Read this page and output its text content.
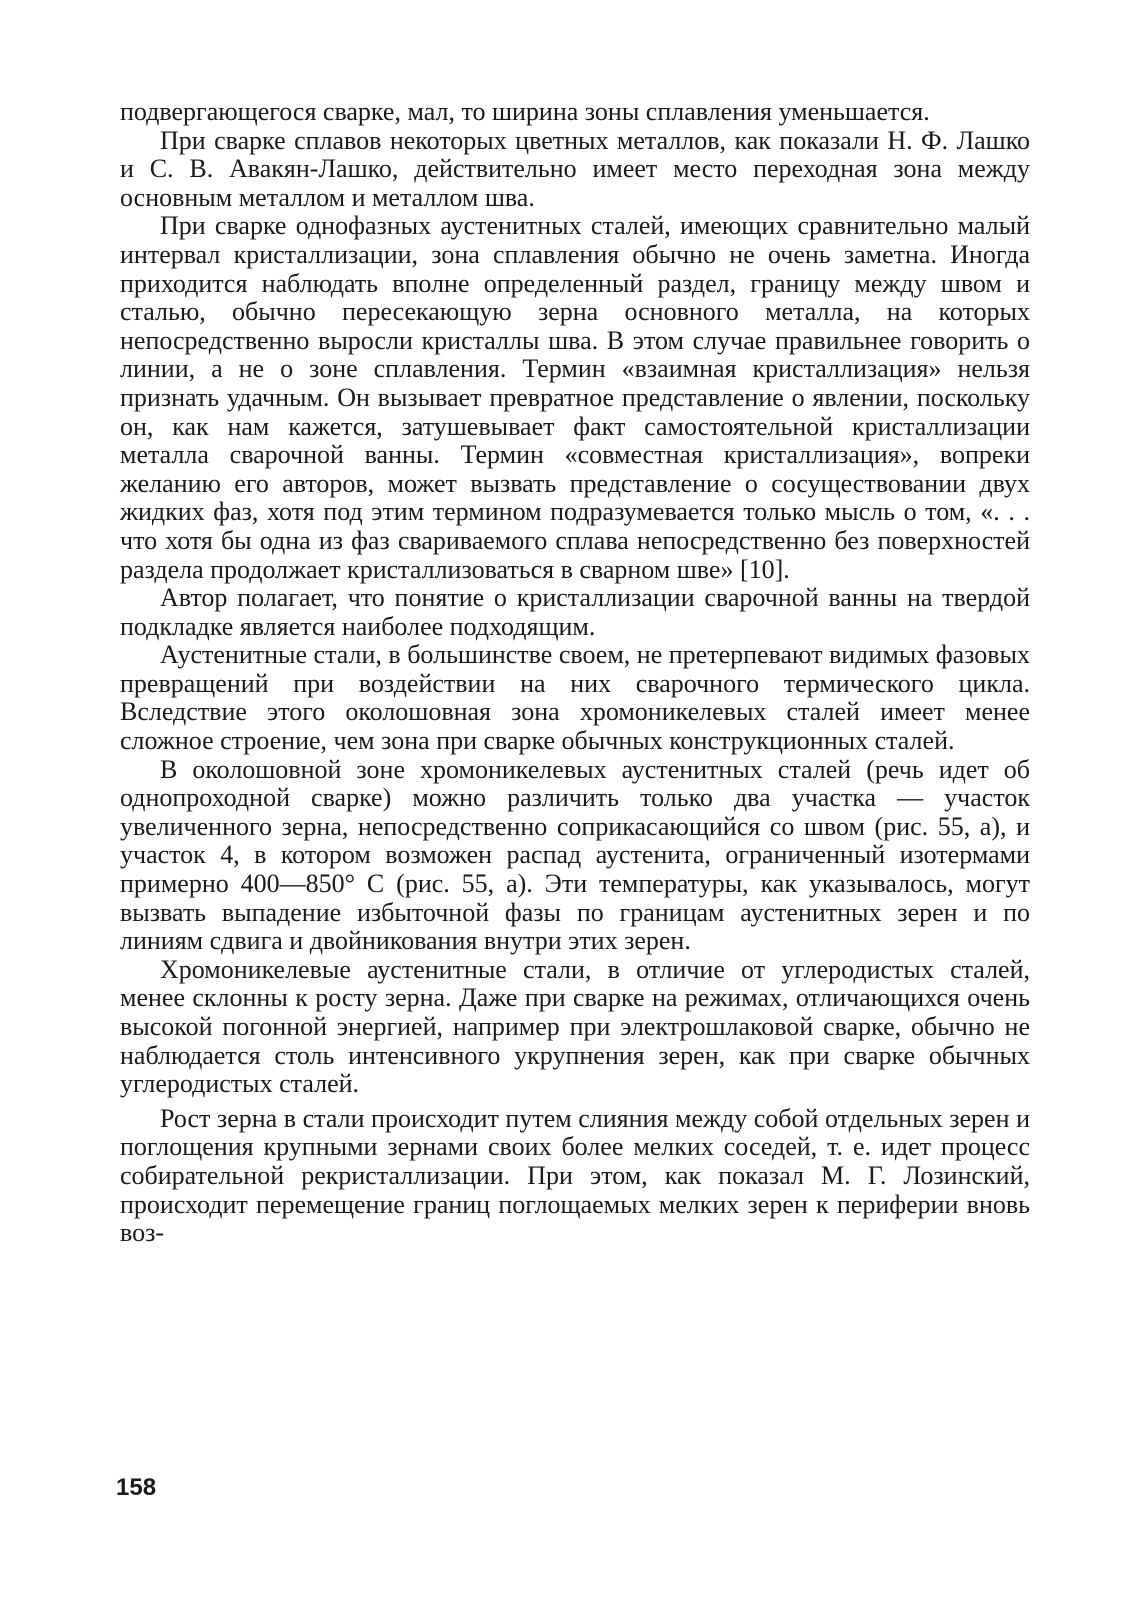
подвергающегося сварке, мал, то ширина зоны сплавления уменьшается.

При сварке сплавов некоторых цветных металлов, как показали Н. Ф. Лашко и С. В. Авакян-Лашко, действительно имеет место переходная зона между основным металлом и металлом шва.

При сварке однофазных аустенитных сталей, имеющих сравнительно малый интервал кристаллизации, зона сплавления обычно не очень заметна. Иногда приходится наблюдать вполне определенный раздел, границу между швом и сталью, обычно пересекающую зерна основного металла, на которых непосредственно выросли кристаллы шва. В этом случае правильнее говорить о линии, а не о зоне сплавления. Термин «взаимная кристаллизация» нельзя признать удачным. Он вызывает превратное представление о явлении, поскольку он, как нам кажется, затушевывает факт самостоятельной кристаллизации металла сварочной ванны. Термин «совместная кристаллизация», вопреки желанию его авторов, может вызвать представление о сосуществовании двух жидких фаз, хотя под этим термином подразумевается только мысль о том, «. . . что хотя бы одна из фаз свариваемого сплава непосредственно без поверхностей раздела продолжает кристаллизоваться в сварном шве» [10].

Автор полагает, что понятие о кристаллизации сварочной ванны на твердой подкладке является наиболее подходящим.

Аустенитные стали, в большинстве своем, не претерпевают видимых фазовых превращений при воздействии на них сварочного термического цикла. Вследствие этого околошовная зона хромоникелевых сталей имеет менее сложное строение, чем зона при сварке обычных конструкционных сталей.

В околошовной зоне хромоникелевых аустенитных сталей (речь идет об однопроходной сварке) можно различить только два участка — участок увеличенного зерна, непосредственно соприкасающийся со швом (рис. 55, а), и участок 4, в котором возможен распад аустенита, ограниченный изотермами примерно 400—850° С (рис. 55, а). Эти температуры, как указывалось, могут вызвать выпадение избыточной фазы по границам аустенитных зерен и по линиям сдвига и двойникования внутри этих зерен.

Хромоникелевые аустенитные стали, в отличие от углеродистых сталей, менее склонны к росту зерна. Даже при сварке на режимах, отличающихся очень высокой погонной энергией, например при электрошлаковой сварке, обычно не наблюдается столь интенсивного укрупнения зерен, как при сварке обычных углеродистых сталей.

Рост зерна в стали происходит путем слияния между собой отдельных зерен и поглощения крупными зернами своих более мелких соседей, т. е. идет процесс собирательной рекристаллизации. При этом, как показал М. Г. Лозинский, происходит перемещение границ поглощаемых мелких зерен к периферии вновь воз-

158
